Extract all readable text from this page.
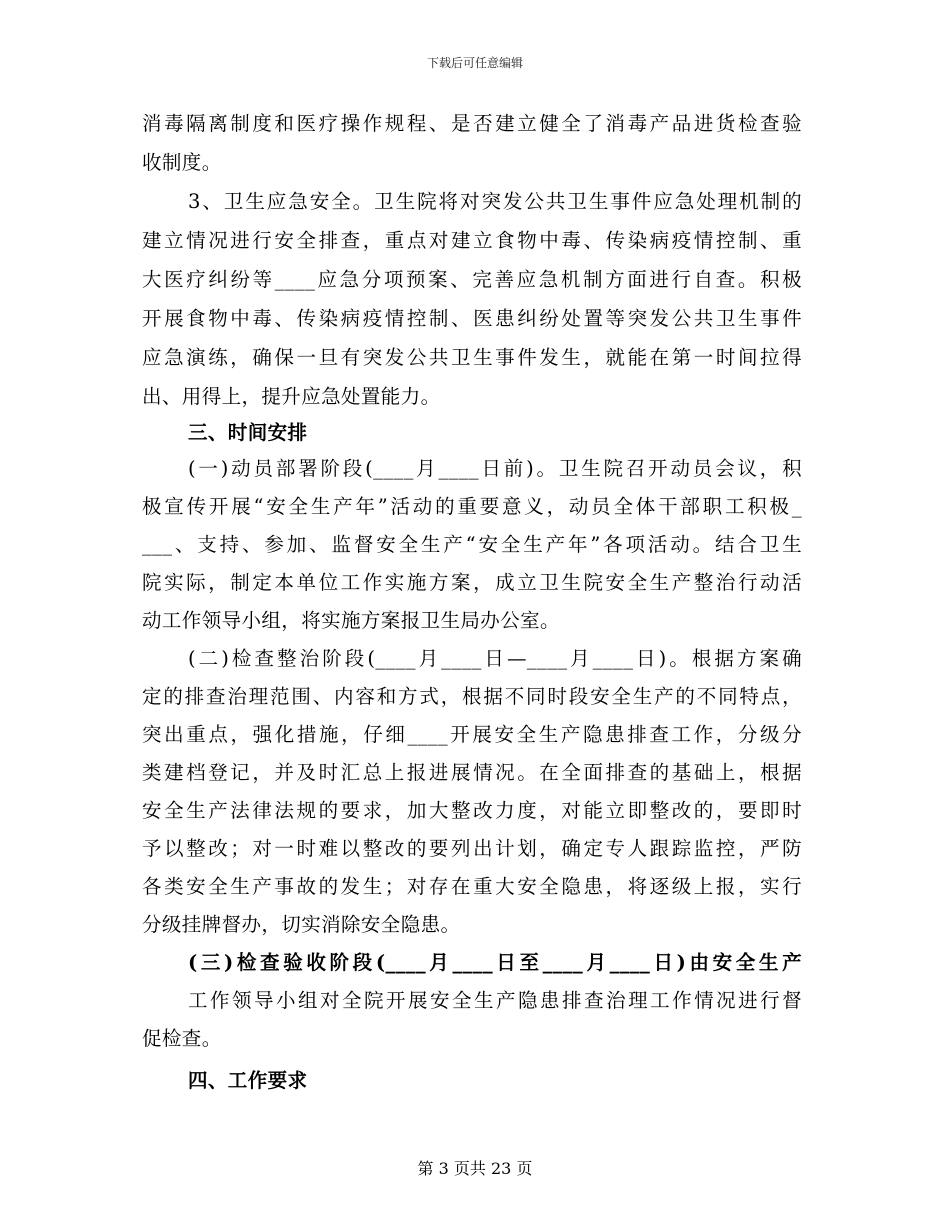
下载后可任意编辑
消毒隔离制度和医疗操作规程、是否建立健全了消毒产品进货检查验
收制度。
3、卫生应急安全。卫生院将对突发公共卫生事件应急处理机制的
建立情况进行安全排查，重点对建立食物中毒、传染病疫情控制、重
大医疗纠纷等____应急分项预案、完善应急机制方面进行自查。积极
开展食物中毒、传染病疫情控制、医患纠纷处置等突发公共卫生事件
应急演练，确保一旦有突发公共卫生事件发生，就能在第一时间拉得
出、用得上，提升应急处置能力。
三、时间安排
(一)动员部署阶段(____月____日前)。卫生院召开动员会议，积
极宣传开展“安全生产年”活动的重要意义，动员全体干部职工积极_
___、支持、参加、监督安全生产“安全生产年”各项活动。结合卫生
院实际，制定本单位工作实施方案，成立卫生院安全生产整治行动活
动工作领导小组，将实施方案报卫生局办公室。
(二)检查整治阶段(____月____日—____月____日)。根据方案确
定的排查治理范围、内容和方式，根据不同时段安全生产的不同特点，
突出重点，强化措施，仔细____开展安全生产隐患排查工作，分级分
类建档登记，并及时汇总上报进展情况。在全面排查的基础上，根据
安全生产法律法规的要求，加大整改力度，对能立即整改的，要即时
予以整改；对一时难以整改的要列出计划，确定专人跟踪监控，严防
各类安全生产事故的发生；对存在重大安全隐患，将逐级上报，实行
分级挂牌督办，切实消除安全隐患。
(三)检查验收阶段(____月____日至____月____日)由安全生产
工作领导小组对全院开展安全生产隐患排查治理工作情况进行督
促检查。
四、工作要求
第 3 页共 23 页
